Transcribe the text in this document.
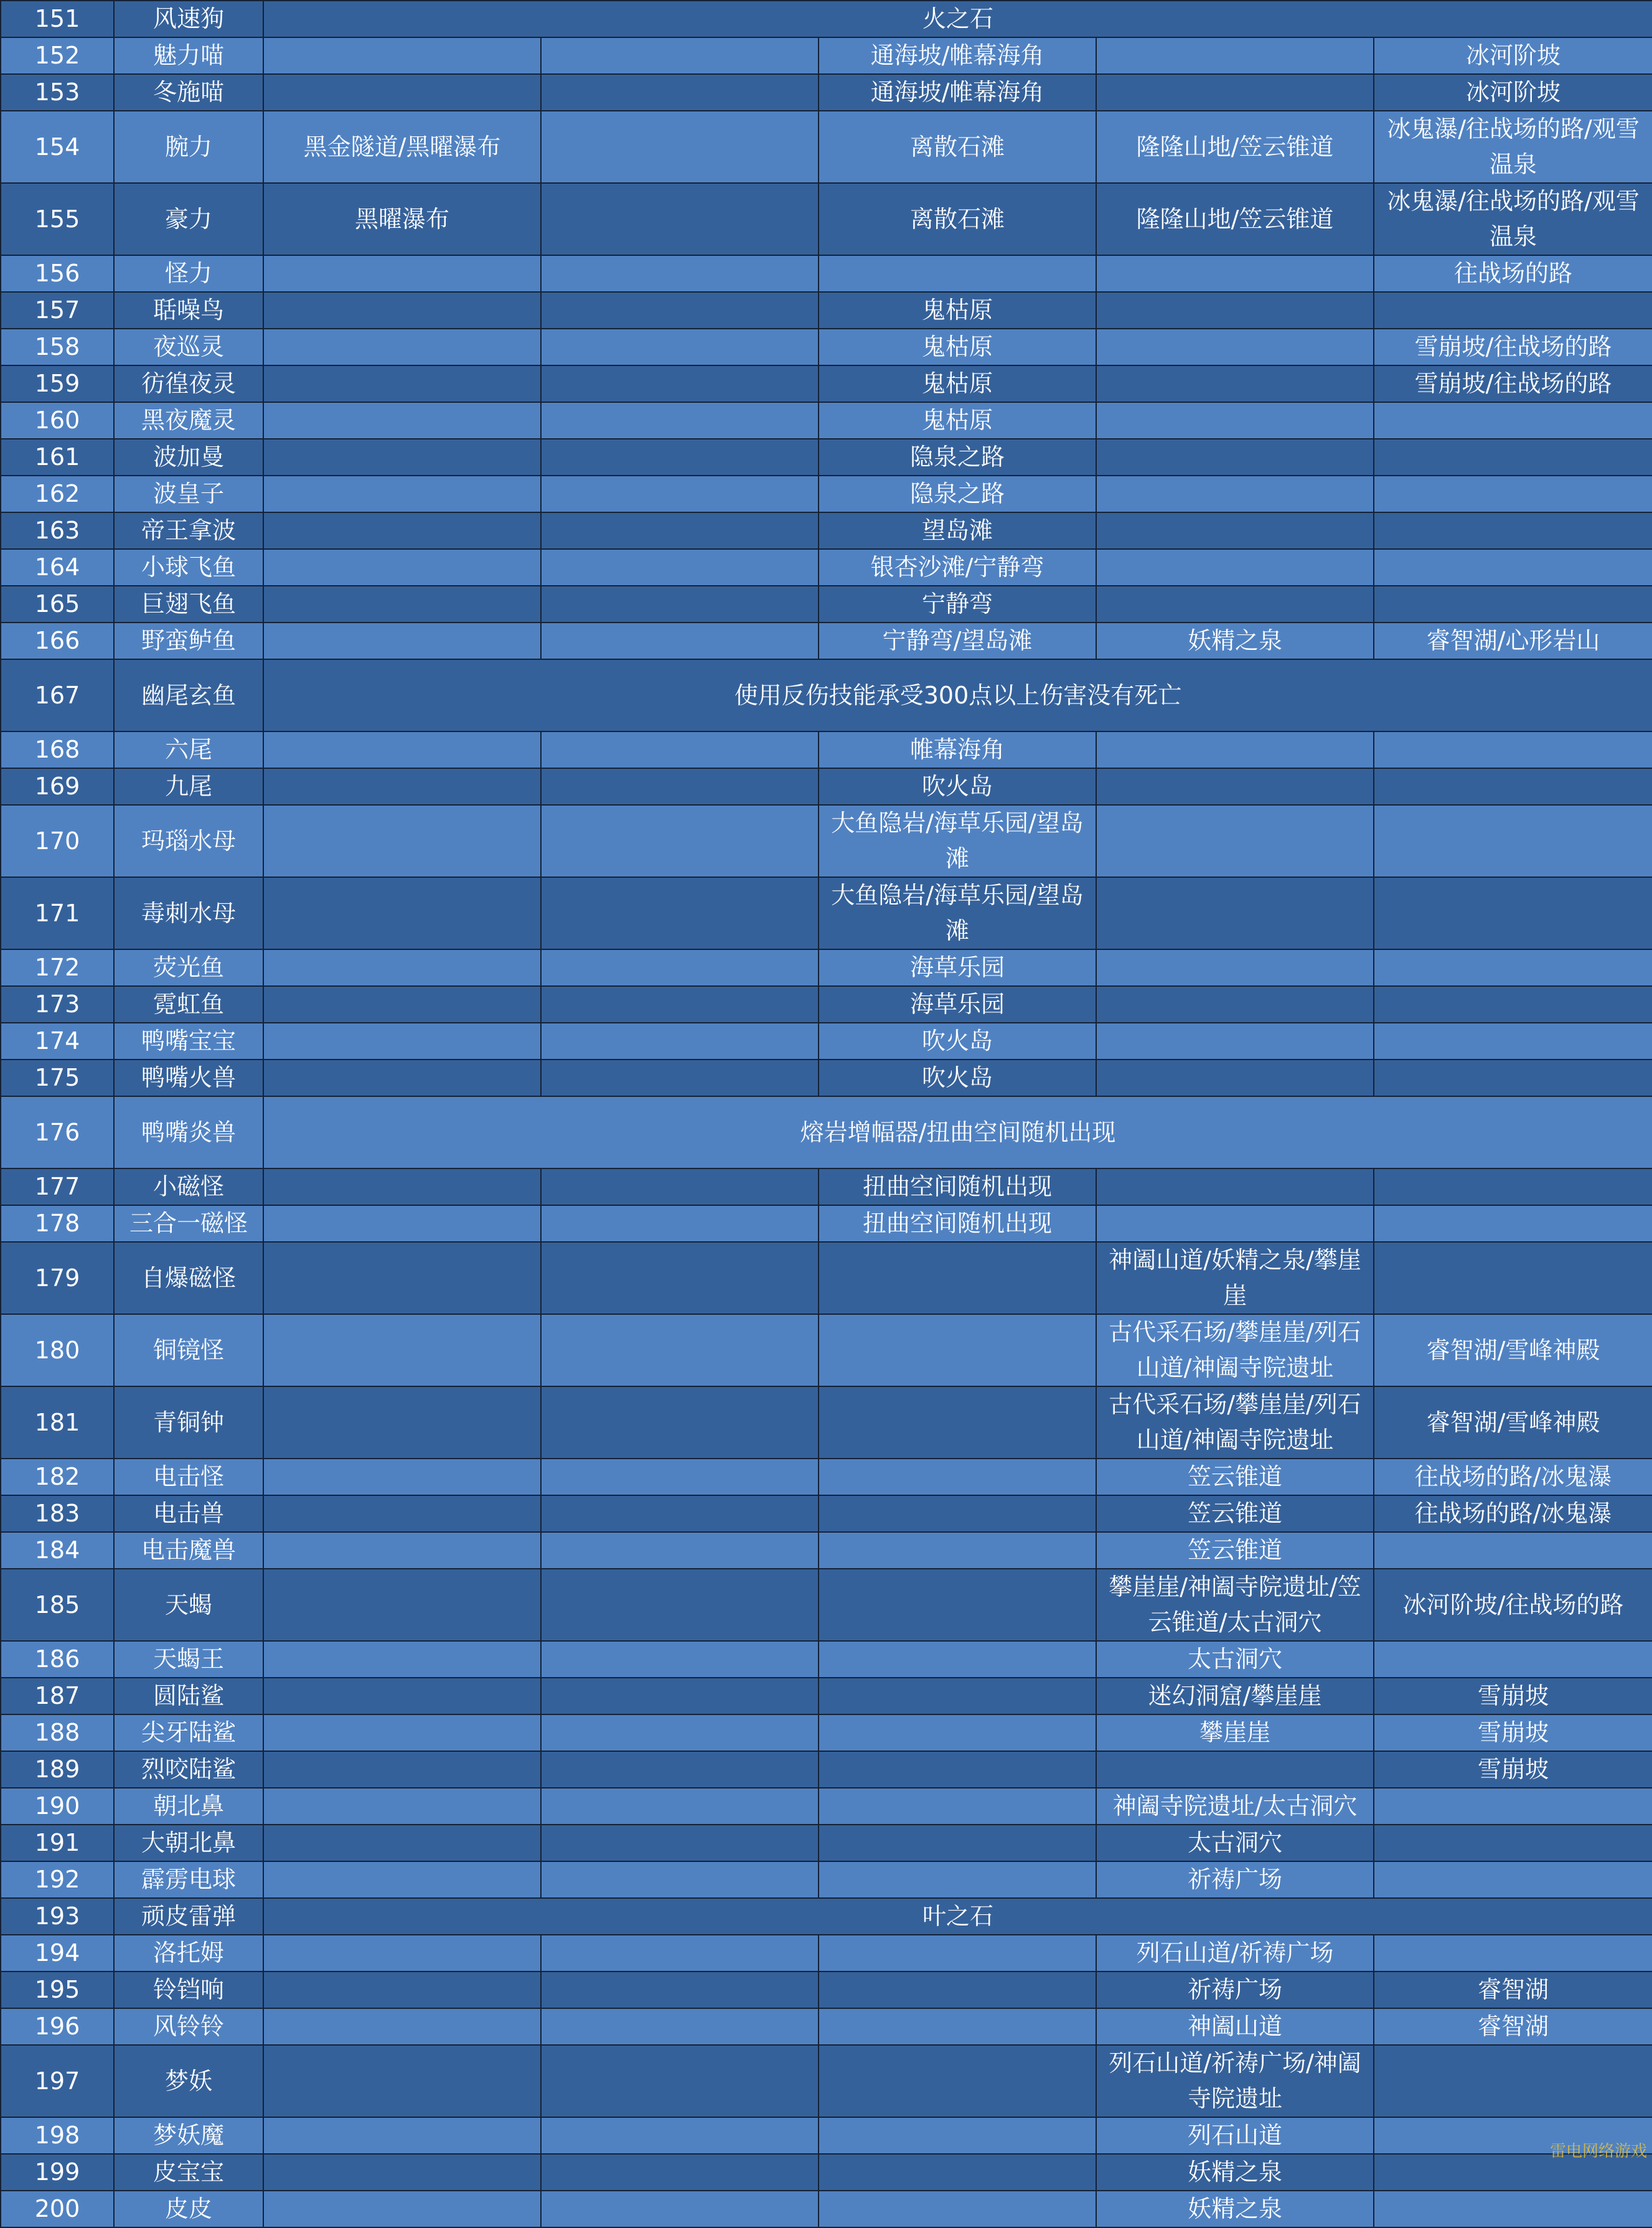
151	风速狗	火之石				
152	魅力喵			通海坡/帷幕海角		冰河阶坡
153	冬施喵			通海坡/帷幕海角		冰河阶坡
154	腕力	黑金隧道/黑曜瀑布		离散石滩	隆隆山地/笠云锥道	冰鬼瀑/往战场的路/观雪温泉
155	豪力	黑曜瀑布		离散石滩	隆隆山地/笠云锥道	冰鬼瀑/往战场的路/观雪温泉
156	怪力					往战场的路
157	聒噪鸟			鬼枯原		
158	夜巡灵			鬼枯原		雪崩坡/往战场的路
159	彷徨夜灵			鬼枯原		雪崩坡/往战场的路
160	黑夜魔灵			鬼枯原		
161	波加曼			隐泉之路		
162	波皇子			隐泉之路		
163	帝王拿波			望岛滩		
164	小球飞鱼			银杏沙滩/宁静弯		
165	巨翅飞鱼			宁静弯		
166	野蛮鲈鱼			宁静弯/望岛滩	妖精之泉	睿智湖/心形岩山
167	幽尾玄鱼	使用反伤技能承受300点以上伤害没有死亡				
168	六尾			帷幕海角		
169	九尾			吹火岛		
170	玛瑙水母			大鱼隐岩/海草乐园/望岛滩		
171	毒刺水母			大鱼隐岩/海草乐园/望岛滩		
172	荧光鱼			海草乐园		
173	霓虹鱼			海草乐园		
174	鸭嘴宝宝			吹火岛		
175	鸭嘴火兽			吹火岛		
176	鸭嘴炎兽	熔岩增幅器/扭曲空间随机出现				
177	小磁怪			扭曲空间随机出现		
178	三合一磁怪			扭曲空间随机出现		
179	自爆磁怪				神阖山道/妖精之泉/攀崖崖	
180	铜镜怪				古代采石场/攀崖崖/列石山道/神阖寺院遗址	睿智湖/雪峰神殿
181	青铜钟				古代采石场/攀崖崖/列石山道/神阖寺院遗址	睿智湖/雪峰神殿
182	电击怪				笠云锥道	往战场的路/冰鬼瀑
183	电击兽				笠云锥道	往战场的路/冰鬼瀑
184	电击魔兽				笠云锥道	
185	天蝎				攀崖崖/神阖寺院遗址/笠云锥道/太古洞穴	冰河阶坡/往战场的路
186	天蝎王				太古洞穴	
187	圆陆鲨				迷幻洞窟/攀崖崖	雪崩坡
188	尖牙陆鲨				攀崖崖	雪崩坡
189	烈咬陆鲨					雪崩坡
190	朝北鼻				神阖寺院遗址/太古洞穴	
191	大朝北鼻				太古洞穴	
192	霹雳电球				祈祷广场	
193	顽皮雷弹	叶之石				
194	洛托姆				列石山道/祈祷广场	
195	铃铛响				祈祷广场	睿智湖
196	风铃铃				神阖山道	睿智湖
197	梦妖				列石山道/祈祷广场/神阖寺院遗址	
198	梦妖魔				列石山道	
199	皮宝宝				妖精之泉	
200	皮皮				妖精之泉	
雷电网络游戏
